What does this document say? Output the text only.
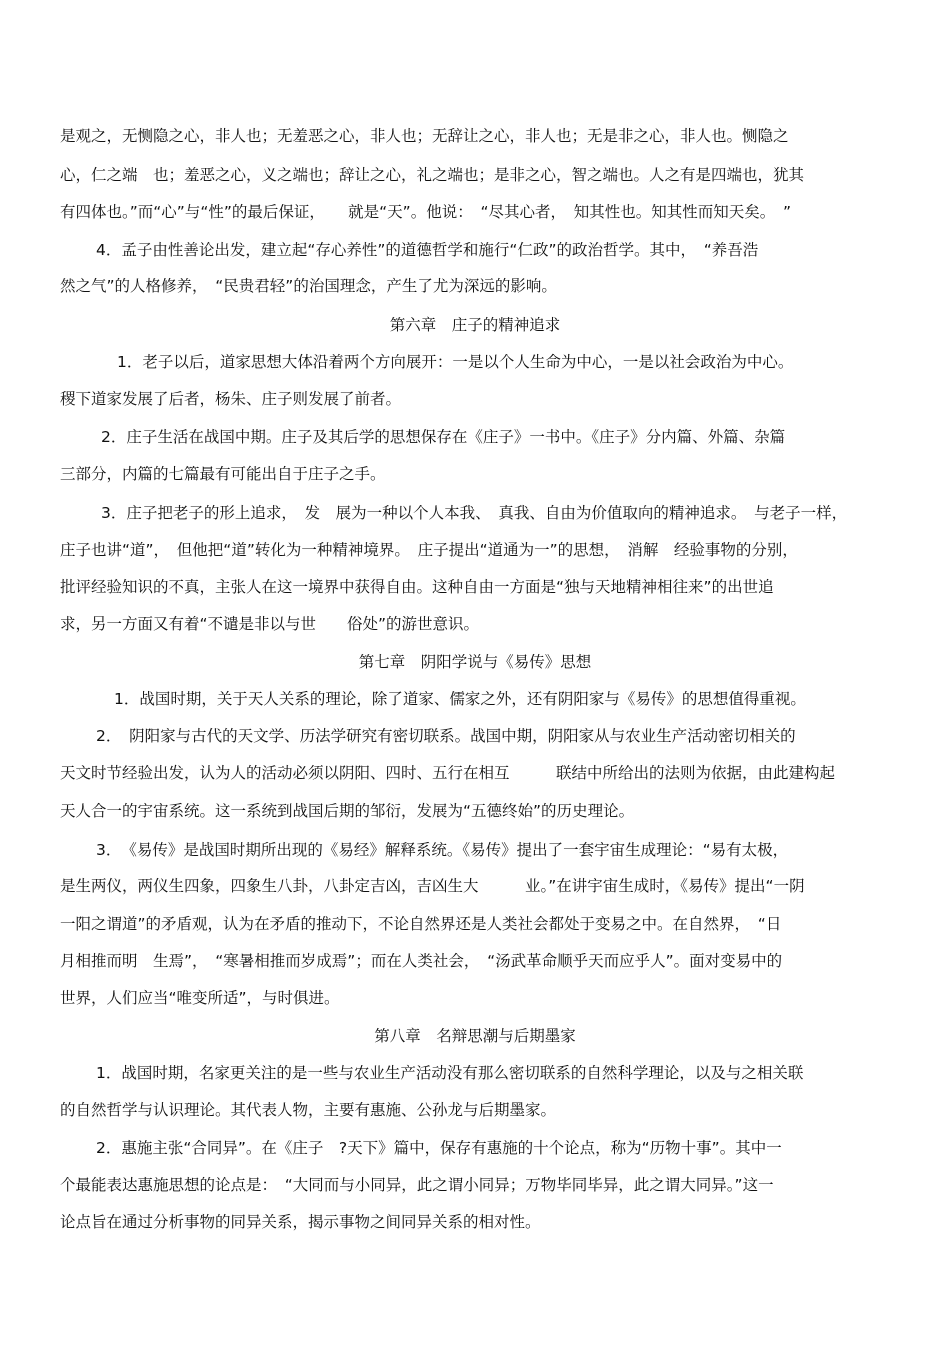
是观之，无恻隐之心，非人也；无羞恶之心，非人也；无辞让之心，非人也；无是非之心，非人也。恻隐之
心，仁之端　也；羞恶之心，义之端也；辞让之心，礼之端也；是非之心，智之端也。人之有是四端也，犹其
有四体也。”而“心”与“性”的最后保证，　　就是“天”。他说：　“尽其心者，　知其性也。知其性而知天矣。　”
4．孟子由性善论出发，建立起“存心养性”的道德哲学和施行“仁政”的政治哲学。其中，　“养吾浩
然之气”的人格修养，　“民贵君轻”的治国理念，产生了尤为深远的影响。
第六章　庄子的精神追求
1．老子以后，道家思想大体沿着两个方向展开：一是以个人生命为中心，一是以社会政治为中心。
稷下道家发展了后者，杨朱、庄子则发展了前者。
2．庄子生活在战国中期。庄子及其后学的思想保存在《庄子》一书中。《庄子》分内篇、外篇、杂篇
三部分，内篇的七篇最有可能出自于庄子之手。
3．庄子把老子的形上追求，　发　展为一种以个人本我、　真我、自由为价值取向的精神追求。　与老子一样，
庄子也讲“道”，　但他把“道”转化为一种精神境界。　庄子提出“道通为一”的思想，　消解　经验事物的分别，
批评经验知识的不真，主张人在这一境界中获得自由。这种自由一方面是“独与天地精神相往来”的出世追
求，另一方面又有着“不谴是非以与世　　俗处”的游世意识。
第七章　阴阳学说与《易传》思想
1．战国时期，关于天人关系的理论，除了道家、儒家之外，还有阴阳家与《易传》的思想值得重视。
2．　阴阳家与古代的天文学、历法学研究有密切联系。战国中期，阴阳家从与农业生产活动密切相关的
天文时节经验出发，认为人的活动必须以阴阳、四时、五行在相互　　　联结中所给出的法则为依据，由此建构起
天人合一的宇宙系统。这一系统到战国后期的邹衍，发展为“五德终始”的历史理论。
3．　《易传》是战国时期所出现的《易经》解释系统。《易传》提出了一套宇宙生成理论：“易有太极，
是生两仪，两仪生四象，四象生八卦，八卦定吉凶，吉凶生大　　　业。”在讲宇宙生成时，《易传》提出“一阴
一阳之谓道”的矛盾观，认为在矛盾的推动下，不论自然界还是人类社会都处于变易之中。在自然界，　“日
月相推而明　生焉”，　“寒暑相推而岁成焉”；而在人类社会，　“汤武革命顺乎天而应乎人”。面对变易中的
世界，人们应当“唯变所适”，与时俱进。
第八章　名辩思潮与后期墨家
1．战国时期，名家更关注的是一些与农业生产活动没有那么密切联系的自然科学理论，以及与之相关联
的自然哲学与认识理论。其代表人物，主要有惠施、公孙龙与后期墨家。
2．惠施主张“合同异”。在《庄子　?天下》篇中，保存有惠施的十个论点，称为“历物十事”。其中一
个最能表达惠施思想的论点是：　“大同而与小同异，此之谓小同异；万物毕同毕异，此之谓大同异。”这一
论点旨在通过分析事物的同异关系，揭示事物之间同异关系的相对性。
